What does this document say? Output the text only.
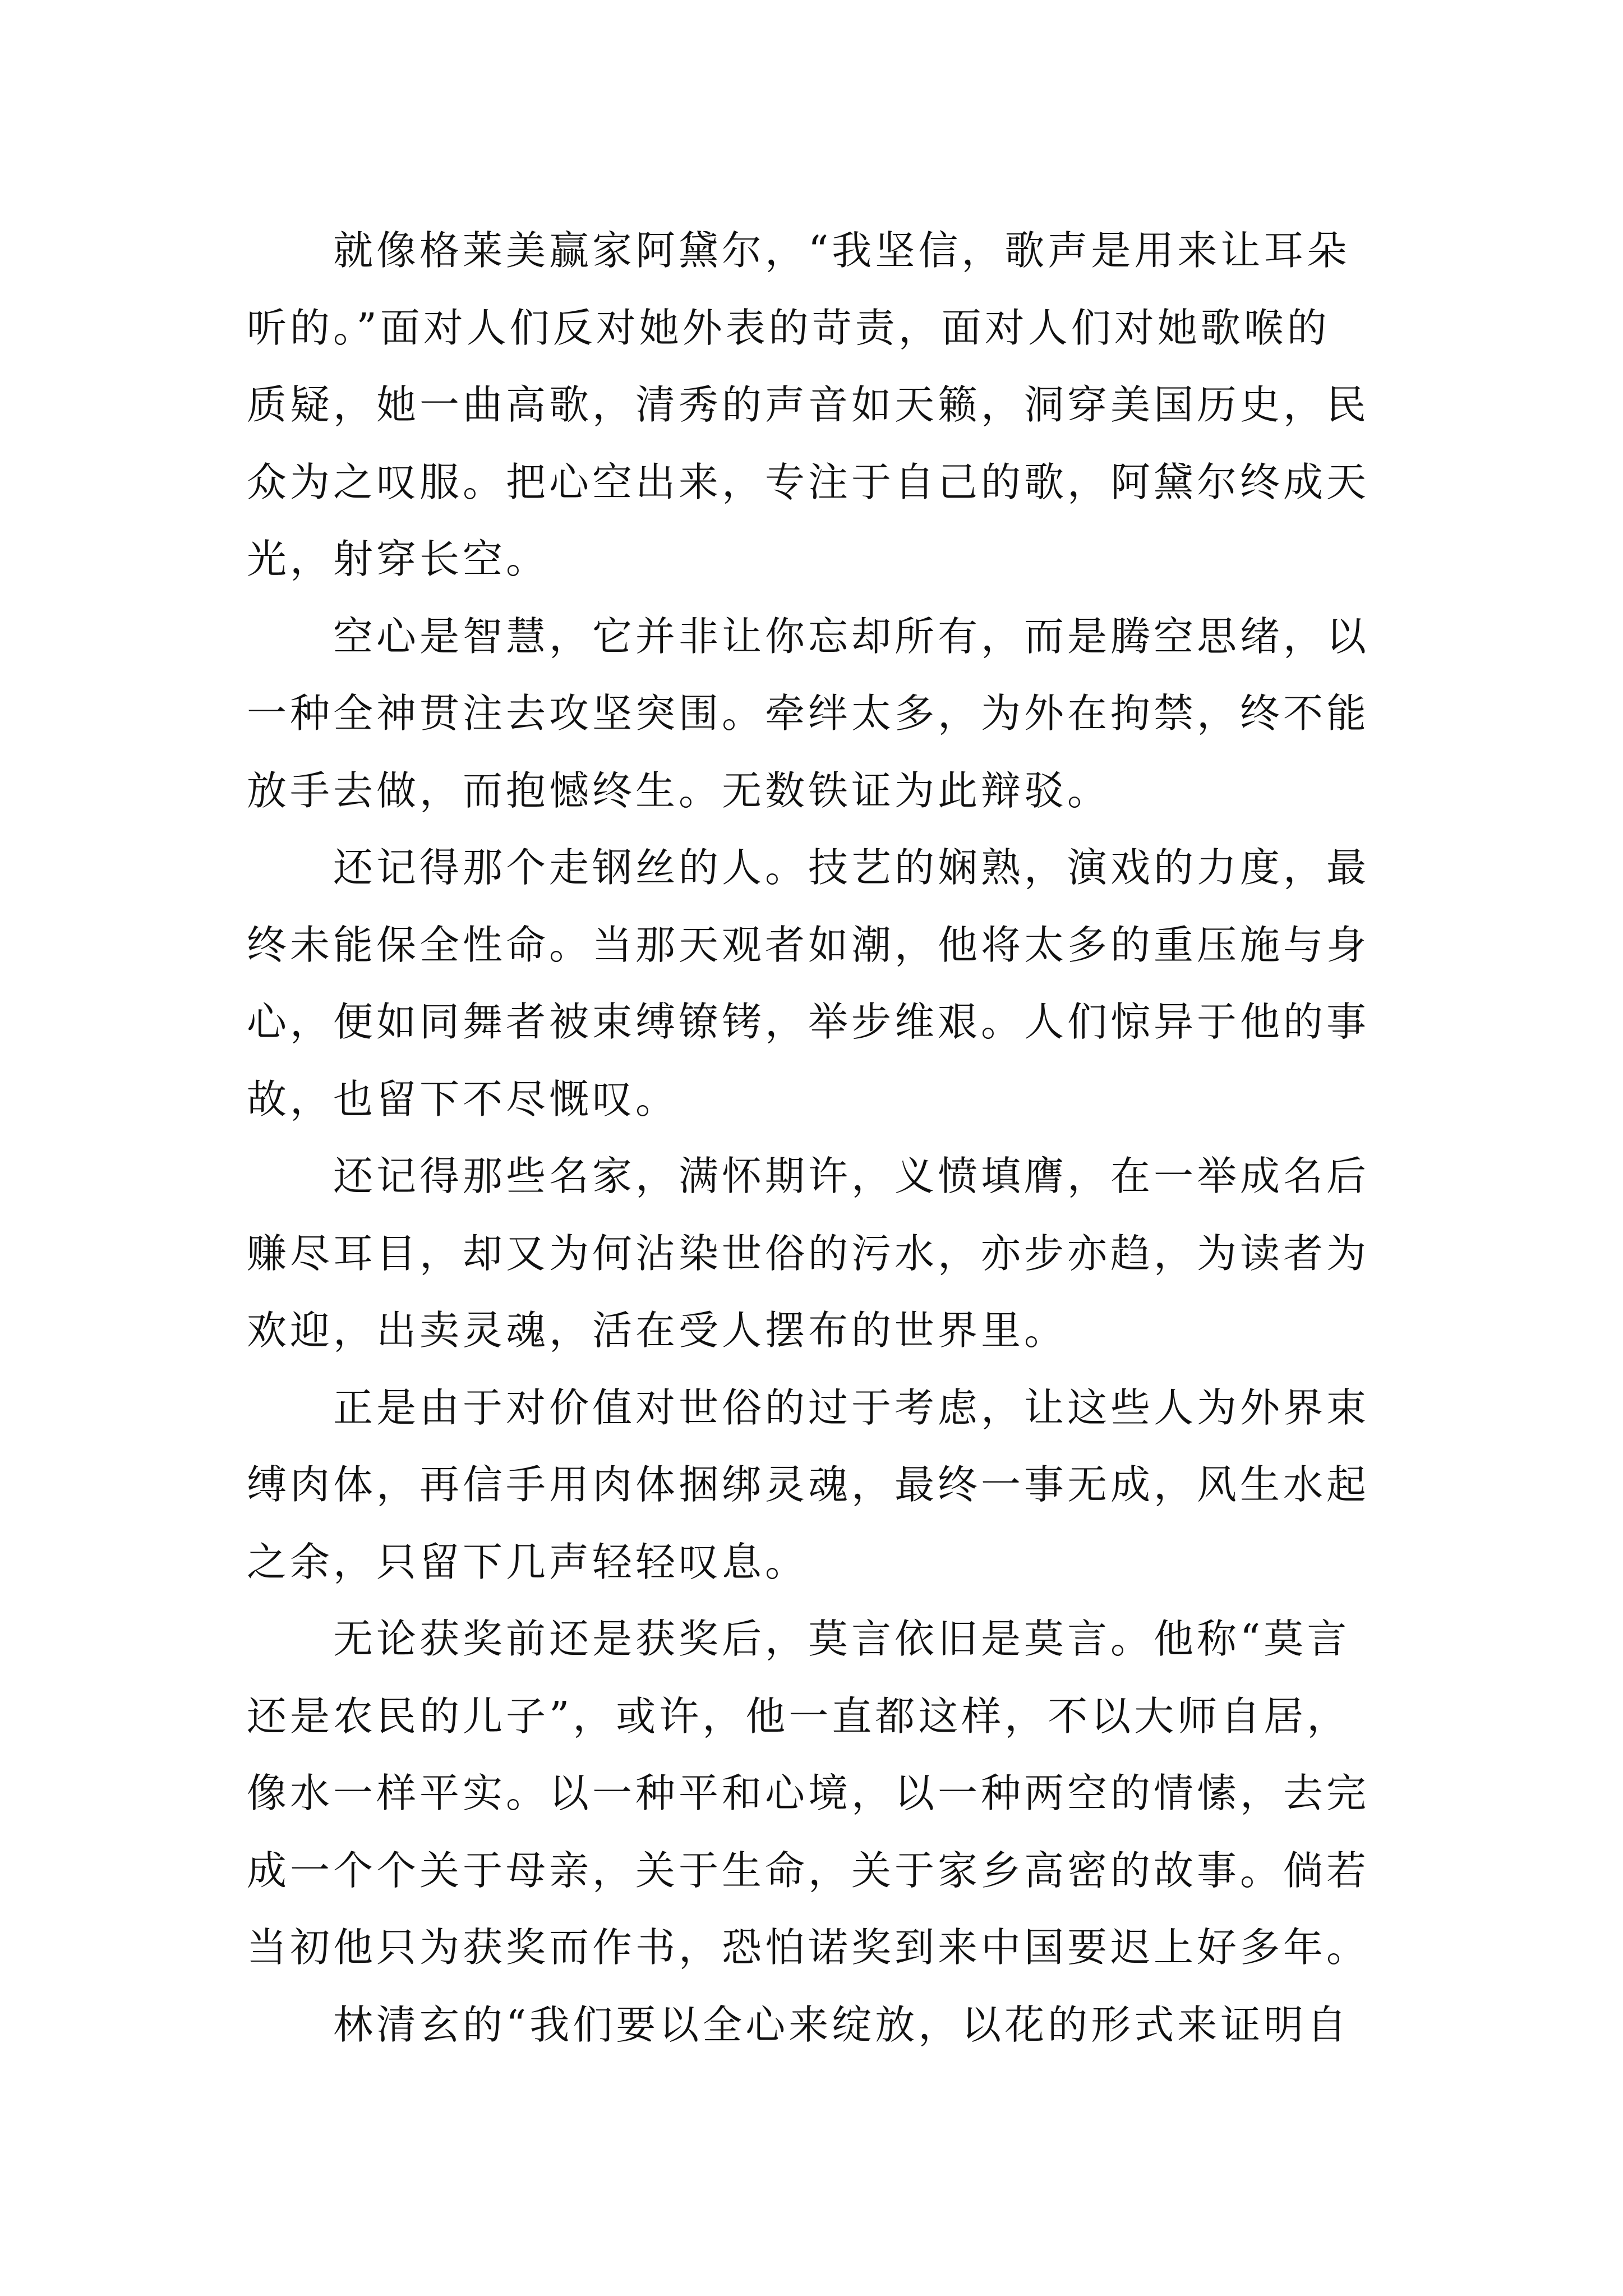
　　就像格莱美赢家阿黛尔，“我坚信，歌声是用来让耳朵
听的。”面对人们反对她外表的苛责，面对人们对她歌喉的
质疑，她一曲高歌，清秀的声音如天籁，洞穿美国历史，民
众为之叹服。把心空出来，专注于自己的歌，阿黛尔终成天
光，射穿长空。
　　空心是智慧，它并非让你忘却所有，而是腾空思绪，以
一种全神贯注去攻坚突围。牵绊太多，为外在拘禁，终不能
放手去做，而抱憾终生。无数铁证为此辩驳。
　　还记得那个走钢丝的人。技艺的娴熟，演戏的力度，最
终未能保全性命。当那天观者如潮，他将太多的重压施与身
心，便如同舞者被束缚镣铐，举步维艰。人们惊异于他的事
故，也留下不尽慨叹。
　　还记得那些名家，满怀期许，义愤填膺，在一举成名后
赚尽耳目，却又为何沾染世俗的污水，亦步亦趋，为读者为
欢迎，出卖灵魂，活在受人摆布的世界里。
　　正是由于对价值对世俗的过于考虑，让这些人为外界束
缚肉体，再信手用肉体捆绑灵魂，最终一事无成，风生水起
之余，只留下几声轻轻叹息。
　　无论获奖前还是获奖后，莫言依旧是莫言。他称“莫言
还是农民的儿子”，或许，他一直都这样，不以大师自居，
像水一样平实。以一种平和心境，以一种两空的情愫，去完
成一个个关于母亲，关于生命，关于家乡高密的故事。倘若
当初他只为获奖而作书，恐怕诺奖到来中国要迟上好多年。
　　林清玄的“我们要以全心来绽放，以花的形式来证明自
